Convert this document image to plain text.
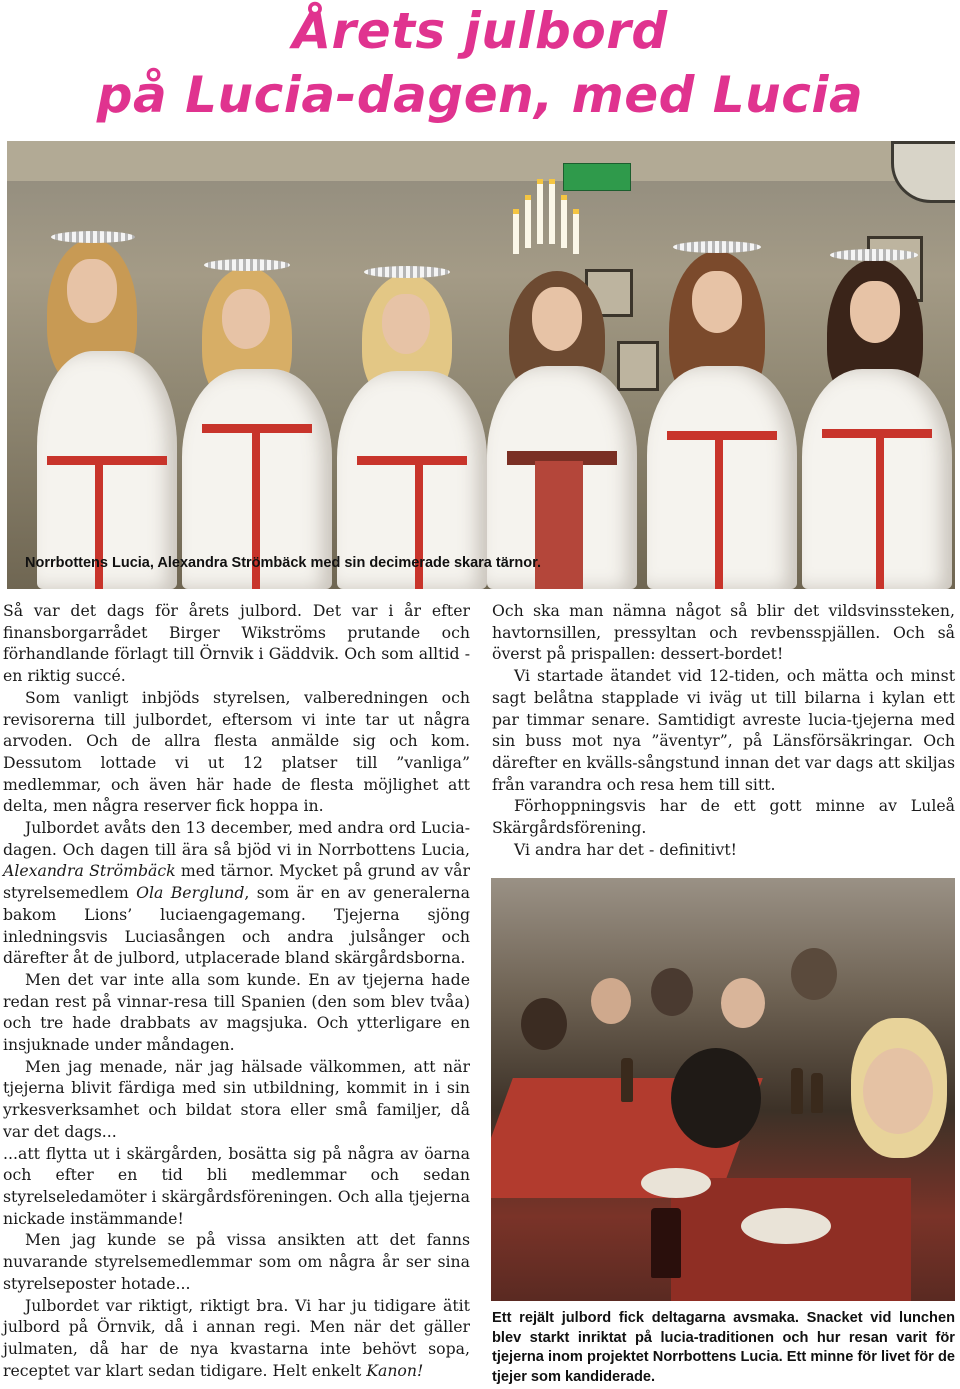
Årets julbord
på Lucia-dagen, med Lucia
Norrbottens Lucia, Alexandra Strömbäck med sin decimerade skara tärnor.

Så var det dags för årets julbord. Det var i år efter finansborgarrådet Birger Wikströms prutande och förhandlande förlagt till Örnvik i Gäddvik. Och som alltid - en riktig succé.

Som vanligt inbjöds styrelsen, valberedningen och revisorerna till julbordet, eftersom vi inte tar ut några arvoden. Och de allra flesta anmälde sig och kom. Dessutom lottade vi ut 12 platser till ”vanliga” medlemmar, och även här hade de flesta möjlighet att delta, men några reserver fick hoppa in.

Julbordet avåts den 13 december, med andra ord Lucia-dagen. Och dagen till ära så bjöd vi in Norrbottens Lucia, Alexandra Strömbäck med tärnor. Mycket på grund av vår styrelsemedlem Ola Berglund, som är en av generalerna bakom Lions’ luciaengagemang. Tjejerna sjöng inledningsvis Luciasången och andra julsånger och därefter åt de julbord, utplacerade bland skärgårdsborna.

Men det var inte alla som kunde. En av tjejerna hade redan rest på vinnar-resa till Spanien (den som blev tvåa) och tre hade drabbats av magsjuka. Och ytterligare en insjuknade under måndagen.

Men jag menade, när jag hälsade välkommen, att när tjejerna blivit färdiga med sin utbildning, kommit in i sin yrkesverksamhet och bildat stora eller små familjer, då var det dags...

...att flytta ut i skärgården, bosätta sig på några av öarna och efter en tid bli medlemmar och sedan styrelseledamöter i skärgårdsföreningen. Och alla tjejerna nickade instämmande!

Men jag kunde se på vissa ansikten att det fanns nuvarande styrelsemedlemmar som om några år ser sina styrelseposter hotade...

Julbordet var riktigt, riktigt bra. Vi har ju tidigare ätit julbord på Örnvik, då i annan regi. Men när det gäller julmaten, då har de nya kvastarna inte behövt sopa, receptet var klart sedan tidigare. Helt enkelt Kanon!

Och ska man nämna något så blir det vildsvinssteken, havtornsillen, pressyltan och revbensspjällen. Och så överst på prispallen: dessert-bordet!

Vi startade ätandet vid 12-tiden, och mätta och minst sagt belåtna stapplade vi iväg ut till bilarna i kylan ett par timmar senare. Samtidigt avreste lucia-tjejerna med sin buss mot nya ”äventyr”, på Länsförsäkringar. Och därefter en kvälls-sångstund innan det var dags att skiljas från varandra och resa hem till sitt.

Förhoppningsvis har de ett gott minne av Luleå Skärgårdsförening.

Vi andra har det - definitivt!

Ett rejält julbord fick deltagarna avsmaka. Snacket vid lunchen blev starkt inriktat på lucia-traditionen och hur resan varit för tjejerna inom projektet Norrbottens Lucia. Ett minne för livet för de tjejer som kandiderade.
